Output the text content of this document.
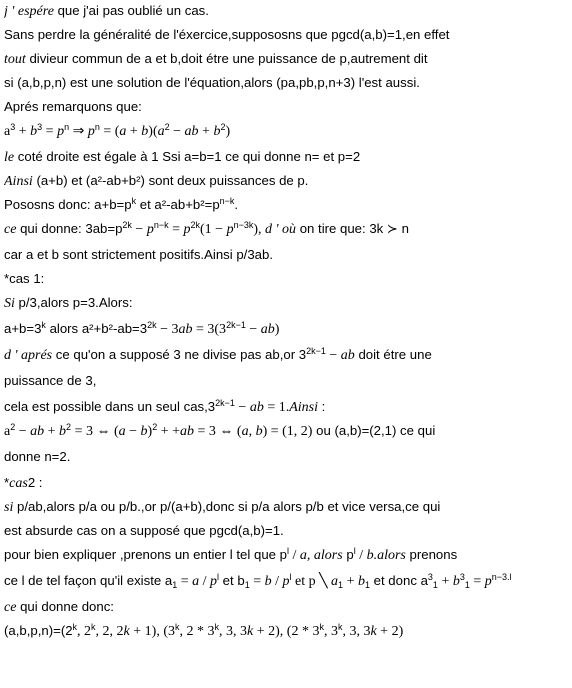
j ' espére que j'ai pas oublié un cas.
Sans perdre la généralité de l'éxercice,suppososns que pgcd(a,b)=1,en effet
tout divieur commun de a et b,doit étre une puissance de p,autrement dit
si (a,b,p,n) est une solution de l'équation,alors (pa,pb,p,n+3) l'est aussi.
Aprés remarquons que:
$a^3 + b^3 = p^n$ ⇒ $p^n = (a + b)(a^2$ − ab + $b^2$)
le coté droite est égale à 1 Ssi a=b=1 ce qui donne n= et p=2
Ainsi (a+b) et (a²-ab+b²) sont deux puissances de p.
Pososns donc: $a+b=p^k$ et $a^2-ab+b^2=p^{n-k}$.
ce qui donne: $3ab=p^{2k} - p^{n-k} = p^{2k}(1 - p^{n-3k})$, d ' où on tire que: 3k ≻ n
car a et b sont strictement positifs.Ainsi p/3ab.
*cas 1:
Si p/3,alors p=3.Alors:
$a+b=3^k$ alors $a^2+b^2-ab=3^{2k} - 3ab = 3(3^{2k-1} - ab)$
d ' aprés ce qu'on a supposé 3 ne divise pas ab,or $3^{2k-1}$ − ab doit étre une
puissance de 3,
cela est possible dans un seul $cas,3^{2k-1}$ − ab = 1.Ainsi :
$a^2$ − ab + $b^2 = 3$ ⇔ $(a - b)^2 + +ab = 3$ ⇔ (a, b) = (1, 2) ou (a,b)=(2,1) ce qui
donne n=2.
*cas2 :
si p/ab,alors p/a ou p/b.,or p/(a+b),donc si p/a alors p/b et vice versa,ce qui
est absurde cas on a supposé que pgcd(a,b)=1.
pour bien expliquer ,prenons un entier l tel que $p^l$ / a, alors $p^l$ / b.alors prenons
ce l de tel façon qu'il existe $a_1 = a / p^l$ et $b_1 = b / p^l$ et p ╲ $a_1 + b_1$ et donc $a^3_1 + b^3_1 = p^{n-3.l}$
ce qui donne donc:
$(a,b,p,n)=(2^k$, 2$^k$, 2, 2k + 1), (3$^k$, 2 * 3$^k$, 3, 3k + 2), (2 * 3$^k$, 3$^k$, 3, 3k + 2)
